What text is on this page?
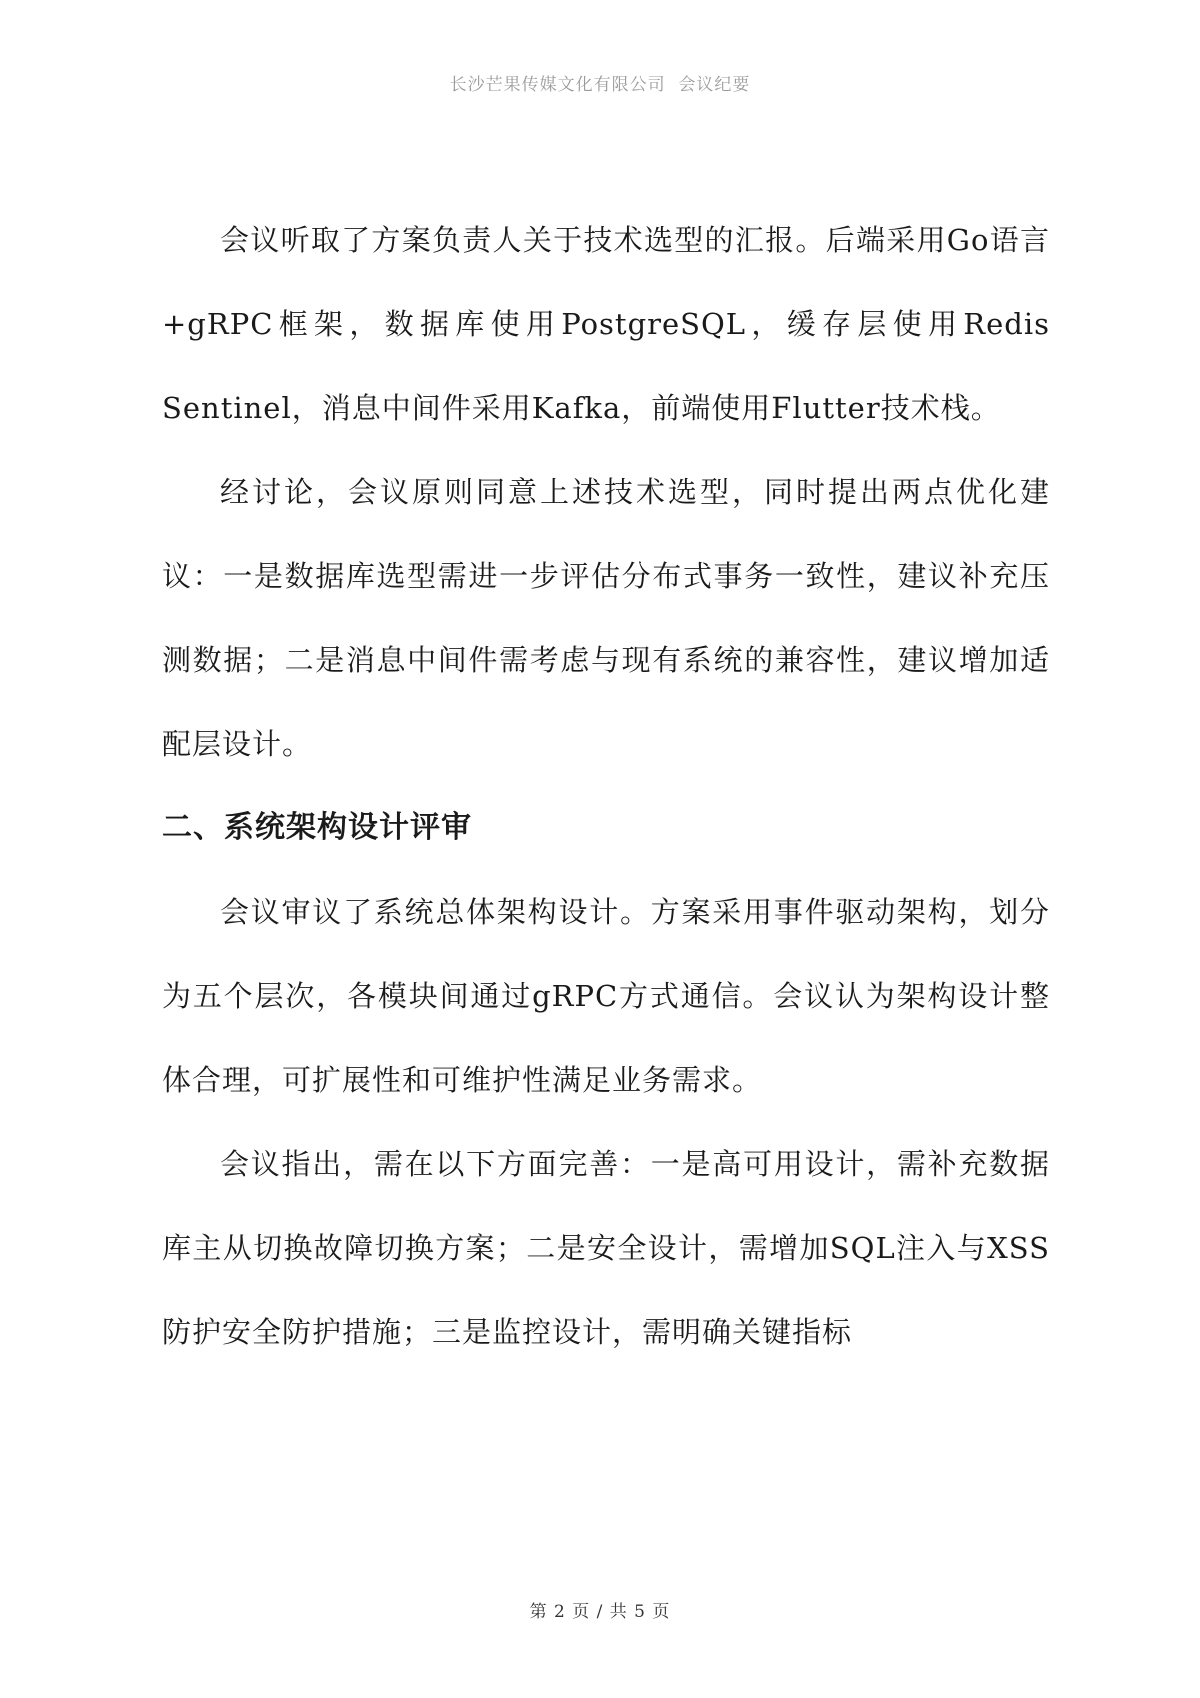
长沙芒果传媒文化有限公司  会议纪要

会议听取了方案负责人关于技术选型的汇报。后端采用Go语言+gRPC框架，数据库使用PostgreSQL，缓存层使用Redis Sentinel，消息中间件采用Kafka，前端使用Flutter技术栈。

经讨论，会议原则同意上述技术选型，同时提出两点优化建议：一是数据库选型需进一步评估分布式事务一致性，建议补充压测数据；二是消息中间件需考虑与现有系统的兼容性，建议增加适配层设计。

二、系统架构设计评审

会议审议了系统总体架构设计。方案采用事件驱动架构，划分为五个层次，各模块间通过gRPC方式通信。会议认为架构设计整体合理，可扩展性和可维护性满足业务需求。

会议指出，需在以下方面完善：一是高可用设计，需补充数据库主从切换故障切换方案；二是安全设计，需增加SQL注入与XSS防护安全防护措施；三是监控设计，需明确关键指标

第 2 页 / 共 5 页
